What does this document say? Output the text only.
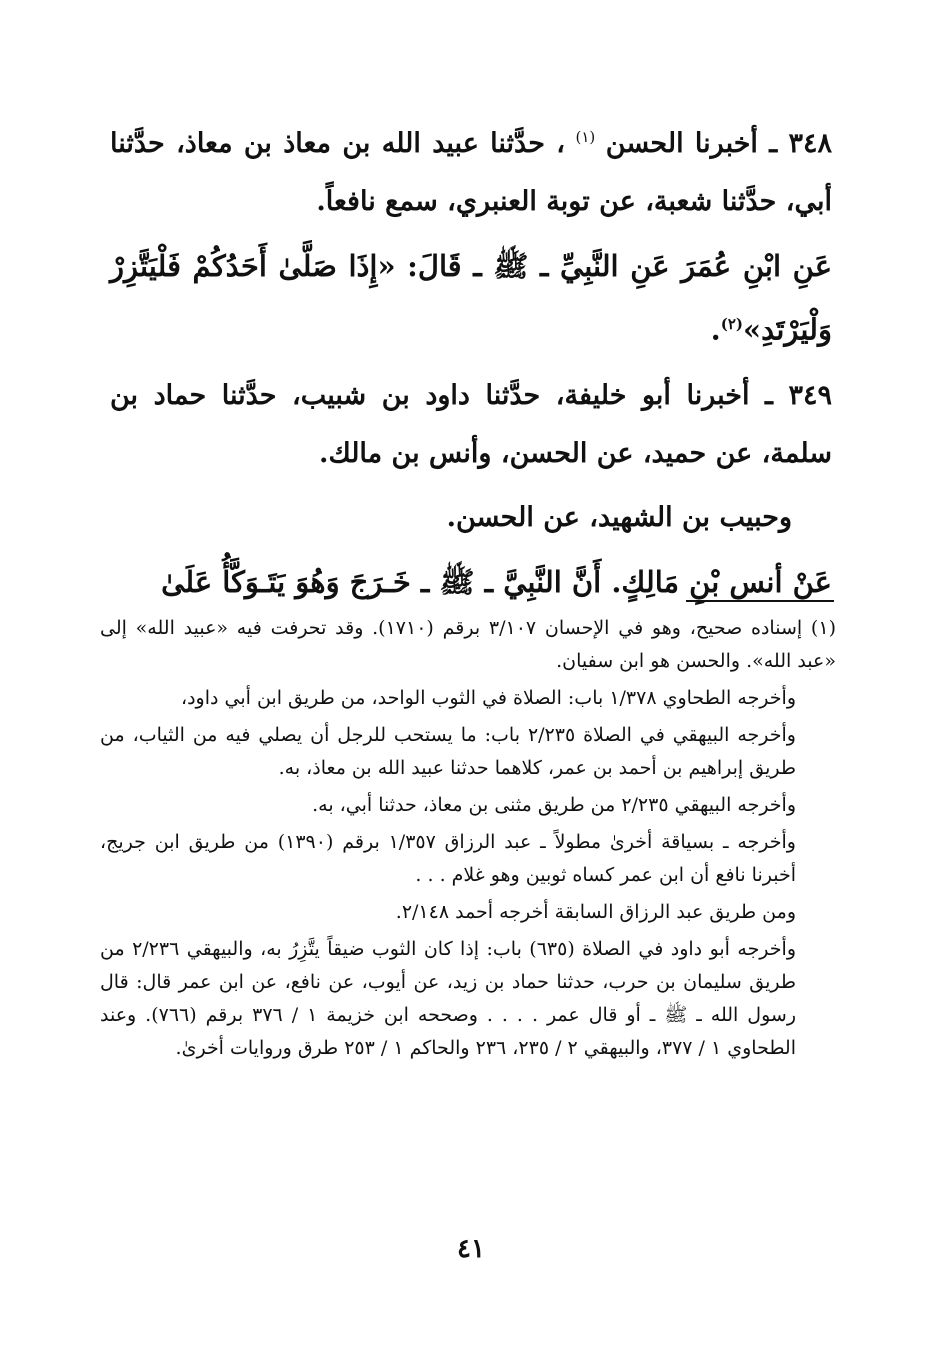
٣٤٨ ـ أخبرنا الحسن $^{(١)}$ ، حدَّثنا عبيد الله بن معاذ بن معاذ، حدَّثنا أبي، حدَّثنا شعبة، عن توبة العنبري، سمع نافعاً.

عَنِ ابْنِ عُمَرَ عَنِ النَّبِيِّ ـ ﷺ ـ قَالَ: «إِذَا صَلَّىٰ أَحَدُكُمْ فَلْيَتَّزِرْ وَلْيَرْتَدِ»$^{(٢)}$.

٣٤٩ ـ أخبرنا أبو خليفة، حدَّثنا داود بن شبيب، حدَّثنا حماد بن سلمة، عن حميد، عن الحسن، وأنس بن مالك.

وحبيب بن الشهيد، عن الحسن.

عَنْ أنس بْنِ مَالِكٍ. أَنَّ النَّبِيَّ ـ ﷺ ـ خَـرَجَ وَهُوَ يَتَـوَكَّأُ عَلَىٰ

(١) إسناده صحيح، وهو في الإحسان ٣/١٠٧ برقم (١٧١٠). وقد تحرفت فيه «عبيد الله» إلى «عبد الله». والحسن هو ابن سفيان.

وأخرجه الطحاوي ١/٣٧٨ باب: الصلاة في الثوب الواحد، من طريق ابن أبي داود،

وأخرجه البيهقي في الصلاة ٢/٢٣٥ باب: ما يستحب للرجل أن يصلي فيه من الثياب، من طريق إبراهيم بن أحمد بن عمر، كلاهما حدثنا عبيد الله بن معاذ، به.

وأخرجه البيهقي ٢/٢٣٥ من طريق مثنى بن معاذ، حدثنا أبي، به.

وأخرجه ـ بسياقة أخرىٰ مطولاً ـ عبد الرزاق ١/٣٥٧ برقم (١٣٩٠) من طريق ابن جريج، أخبرنا نافع أن ابن عمر كساه ثوبين وهو غلام . . .

ومن طريق عبد الرزاق السابقة أخرجه أحمد ٢/١٤٨.

وأخرجه أبو داود في الصلاة (٦٣٥) باب: إذا كان الثوب ضيقاً يتَّزِرُ به، والبيهقي ٢/٢٣٦ من طريق سليمان بن حرب، حدثنا حماد بن زيد، عن أيوب، عن نافع، عن ابن عمر قال: قال رسول الله ـ ﷺ ـ أو قال عمر . . . . وصححه ابن خزيمة ١ / ٣٧٦ برقم (٧٦٦). وعند الطحاوي ١ / ٣٧٧، والبيهقي ٢ / ٢٣٥، ٢٣٦ والحاكم ١ / ٢٥٣ طرق وروايات أخرىٰ.

٤١
